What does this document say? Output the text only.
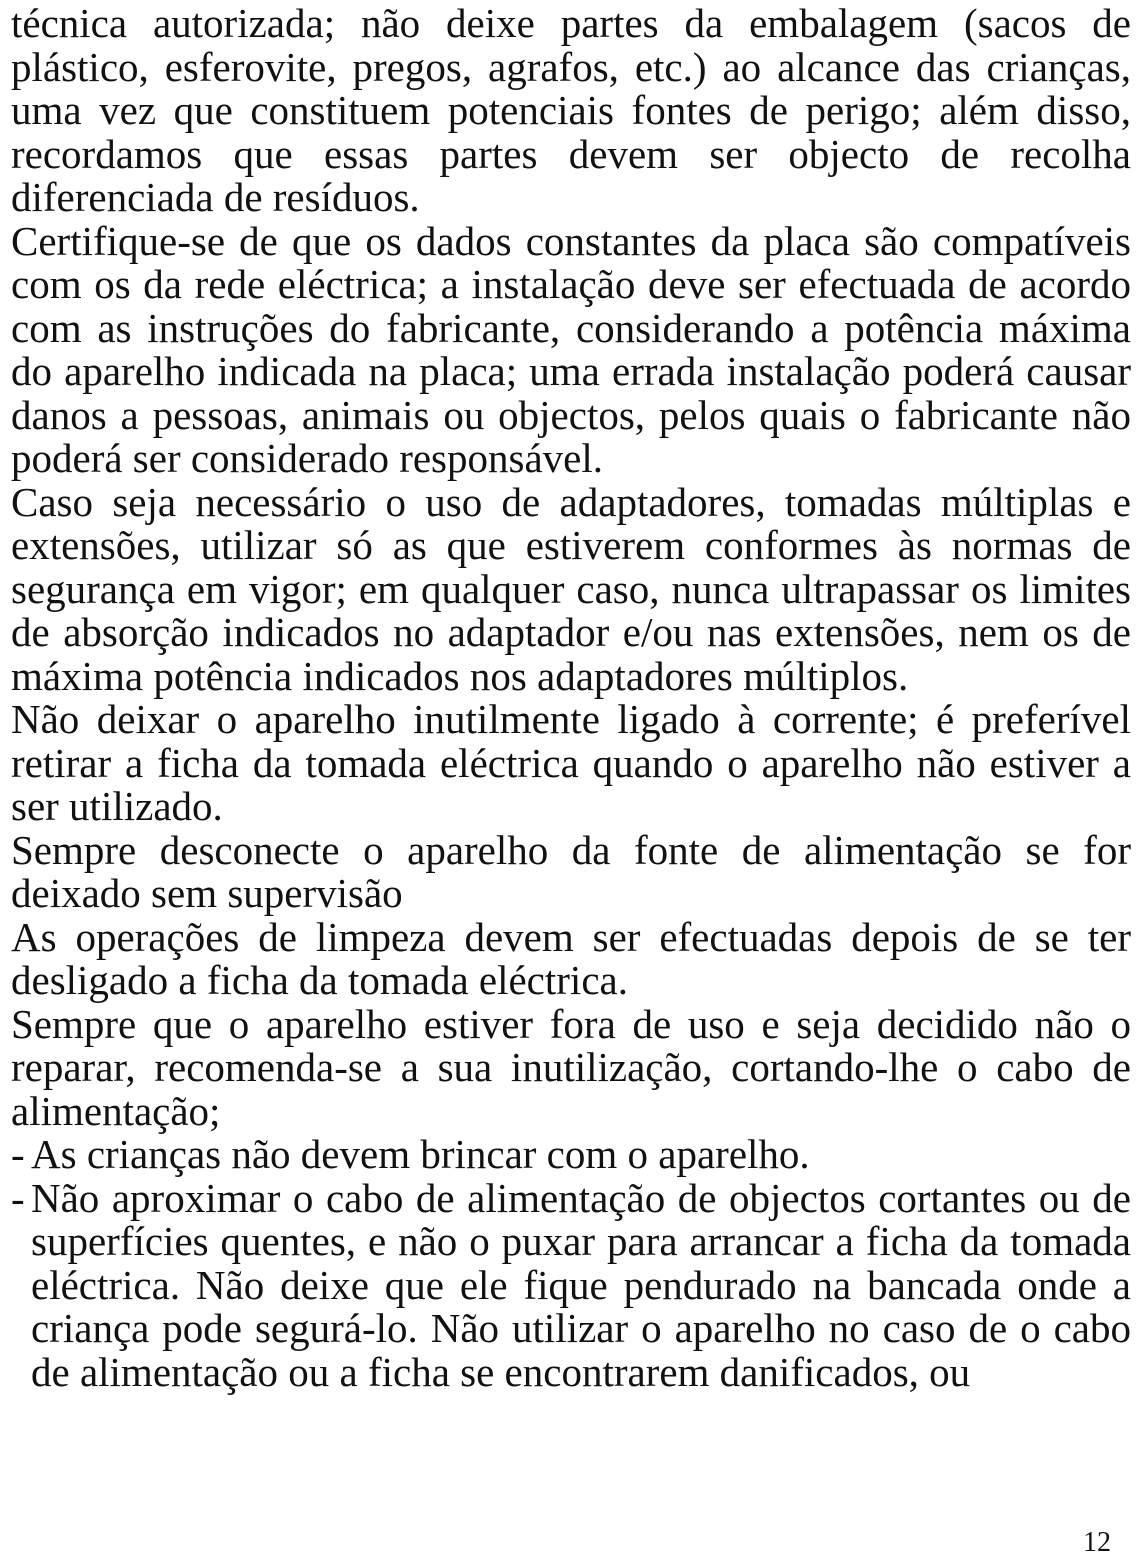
técnica autorizada; não deixe partes da embalagem (sacos de plástico, esferovite, pregos, agrafos, etc.) ao alcance das crianças, uma vez que constituem potenciais fontes de perigo; além disso, recordamos que essas partes devem ser objecto de recolha diferenciada de resíduos.

Certifique-se de que os dados constantes da placa são compatíveis com os da rede eléctrica; a instalação deve ser efectuada de acordo com as instruções do fabricante, considerando a potência máxima do aparelho indicada na placa; uma errada instalação poderá causar danos a pessoas, animais ou objectos, pelos quais o fabricante não poderá ser considerado responsável.

Caso seja necessário o uso de adaptadores, tomadas múltiplas e extensões, utilizar só as que estiverem conformes às normas de segurança em vigor; em qualquer caso, nunca ultrapassar os limites de absorção indicados no adaptador e/ou nas extensões, nem os de máxima potência indicados nos adaptadores múltiplos.

Não deixar o aparelho inutilmente ligado à corrente; é preferível retirar a ficha da tomada eléctrica quando o aparelho não estiver a ser utilizado.

Sempre desconecte o aparelho da fonte de alimentação se for deixado sem supervisão

As operações de limpeza devem ser efectuadas depois de se ter desligado a ficha da tomada eléctrica.

Sempre que o aparelho estiver fora de uso e seja decidido não o reparar, recomenda-se a sua inutilização, cortando-lhe o cabo de alimentação;

- As crianças não devem brincar com o aparelho.
- Não aproximar o cabo de alimentação de objectos cortantes ou de superfícies quentes, e não o puxar para arrancar a ficha da tomada eléctrica. Não deixe que ele fique pendurado na bancada onde a criança pode segurá-lo. Não utilizar o aparelho no caso de o cabo de alimentação ou a ficha se encontrarem danificados, ou
12
